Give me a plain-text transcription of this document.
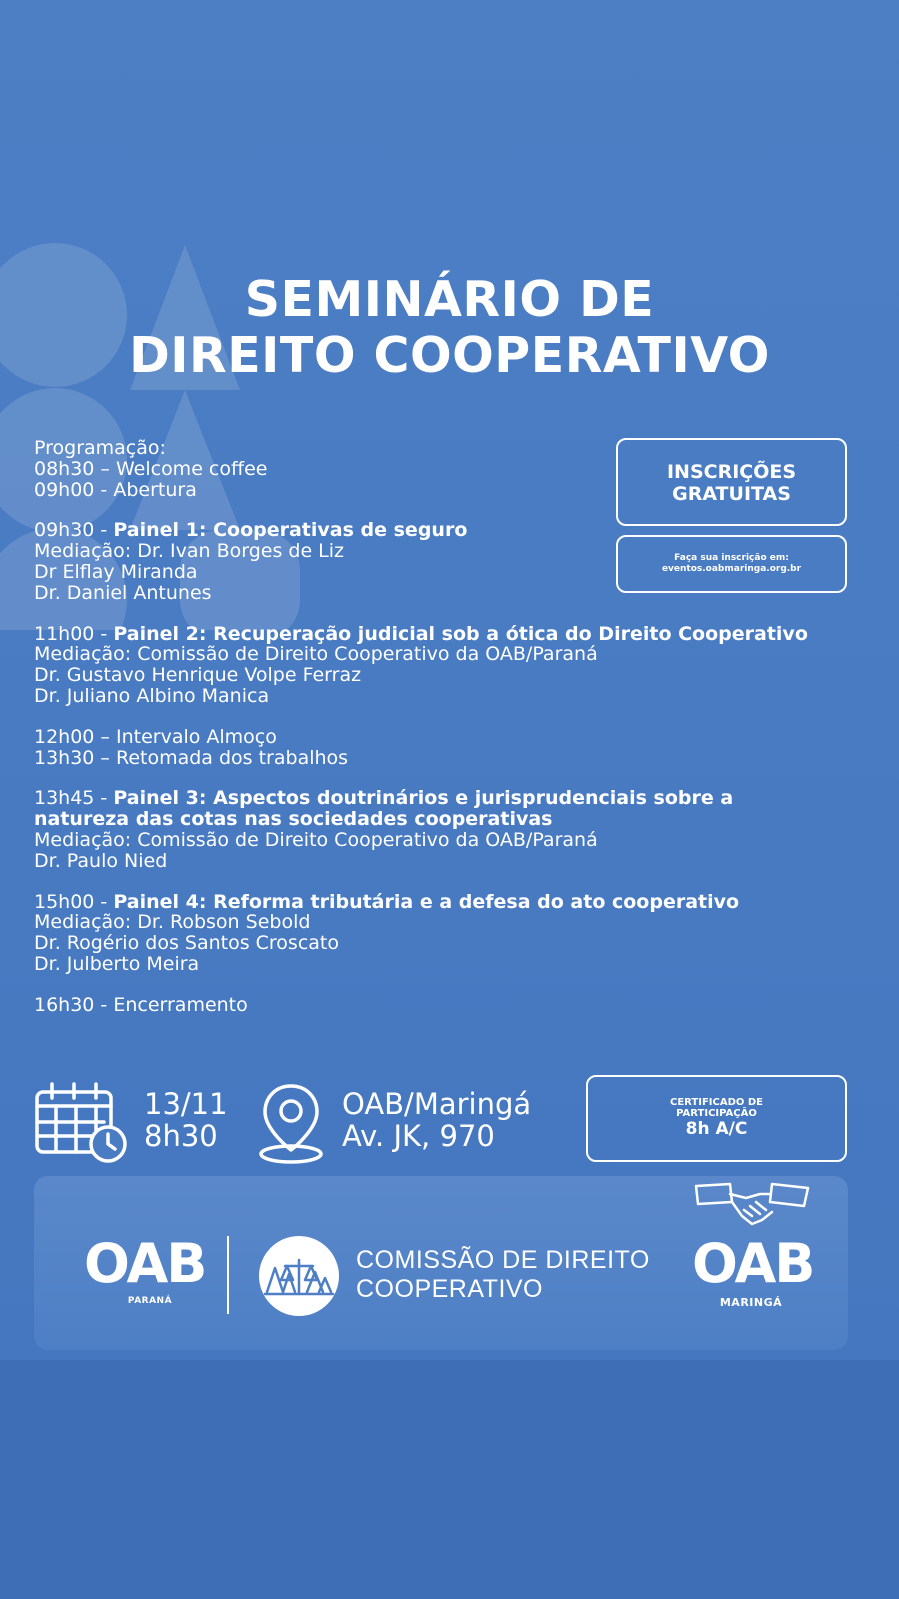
SEMINÁRIO DE
DIREITO COOPERATIVO
Programação:
08h30 – Welcome coffee
09h00 - Abertura
09h30 - Painel 1: Cooperativas de seguro
Mediação: Dr. Ivan Borges de Liz
Dr Elflay Miranda
Dr. Daniel Antunes
11h00 - Painel 2: Recuperação judicial sob a ótica do Direito Cooperativo
Mediação: Comissão de Direito Cooperativo da OAB/Paraná
Dr. Gustavo Henrique Volpe Ferraz
Dr. Juliano Albino Manica
12h00 – Intervalo Almoço
13h30 – Retomada dos trabalhos
13h45 - Painel 3: Aspectos doutrinários e jurisprudenciais sobre a
natureza das cotas nas sociedades cooperativas
Mediação: Comissão de Direito Cooperativo da OAB/Paraná
Dr. Paulo Nied
15h00 - Painel 4: Reforma tributária e a defesa do ato cooperativo
Mediação: Dr. Robson Sebold
Dr. Rogério dos Santos Croscato
Dr. Julberto Meira
16h30 - Encerramento
INSCRIÇÕES
GRATUITAS
Faça sua inscrição em:
eventos.oabmaringa.org.br
13/11
8h30
OAB/Maringá
Av. JK, 970
CERTIFICADO DE
PARTICIPAÇÃO
8h A/C
OAB
PARANÁ
COMISSÃO DE DIREITO
COOPERATIVO	OAB
MARINGÁ
